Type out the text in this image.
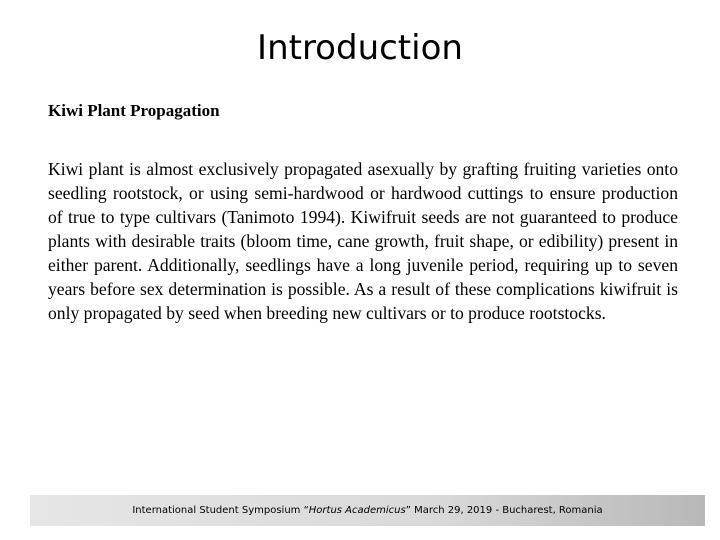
Introduction
Kiwi Plant Propagation

Kiwi plant is almost exclusively propagated asexually by grafting fruiting varieties onto seedling rootstock, or using semi-hardwood or hardwood cuttings to ensure production of true to type cultivars (Tanimoto 1994). Kiwifruit seeds are not guaranteed to produce plants with desirable traits (bloom time, cane growth, fruit shape, or edibility) present in either parent. Additionally, seedlings have a long juvenile period, requiring up to seven years before sex determination is possible. As a result of these complications kiwifruit is only propagated by seed when breeding new cultivars or to produce rootstocks.

International Student Symposium “Hortus Academicus” March 29, 2019 - Bucharest, Romania
